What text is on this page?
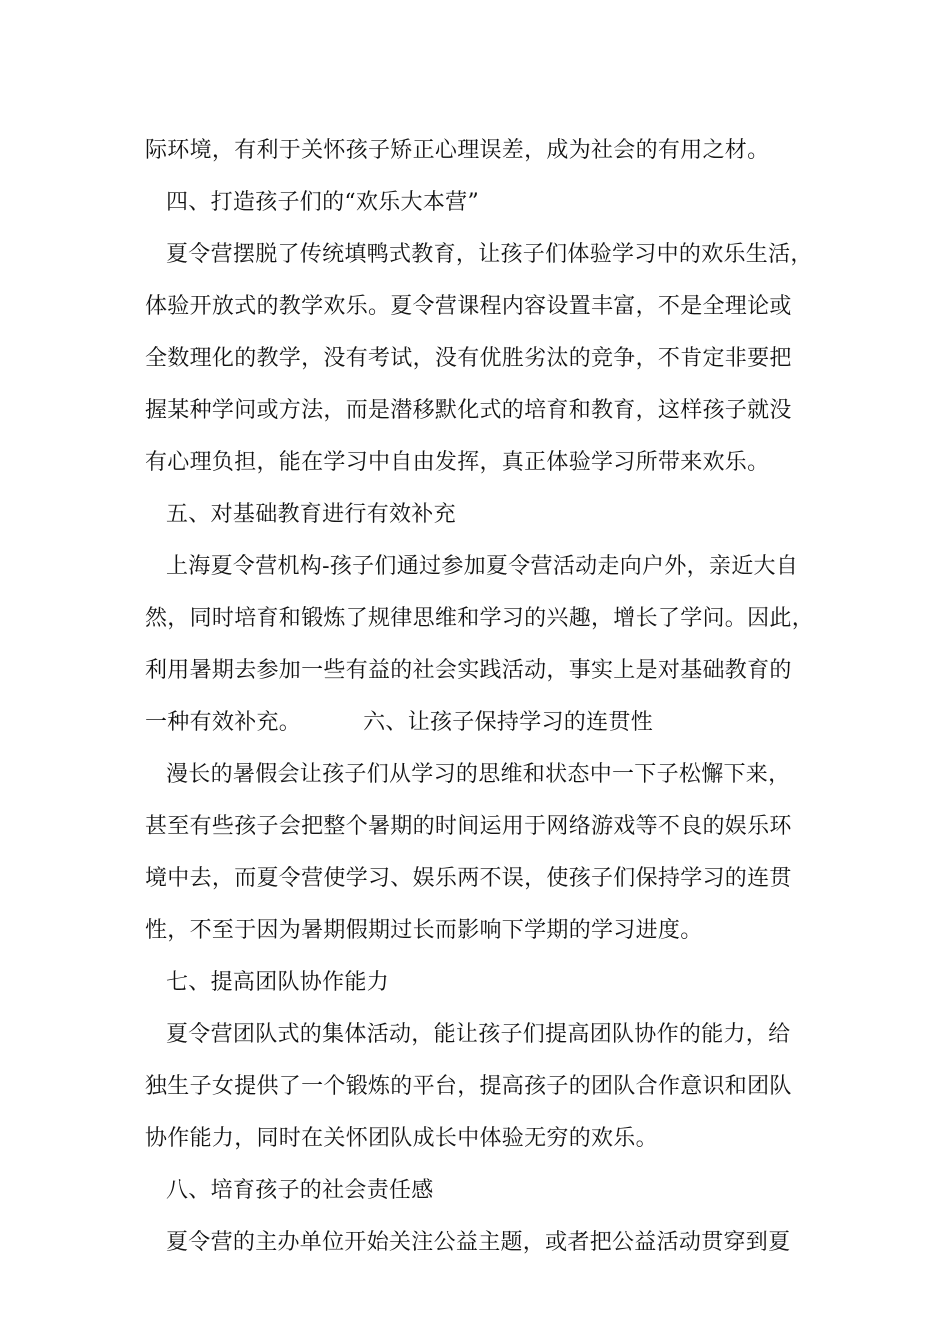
际环境，有利于关怀孩子矫正心理误差，成为社会的有用之材。
四、打造孩子们的“欢乐大本营”
夏令营摆脱了传统填鸭式教育，让孩子们体验学习中的欢乐生活，
体验开放式的教学欢乐。夏令营课程内容设置丰富，不是全理论或
全数理化的教学，没有考试，没有优胜劣汰的竞争，不肯定非要把
握某种学问或方法，而是潜移默化式的培育和教育，这样孩子就没
有心理负担，能在学习中自由发挥，真正体验学习所带来欢乐。
五、对基础教育进行有效补充
上海夏令营机构-孩子们通过参加夏令营活动走向户外，亲近大自
然，同时培育和锻炼了规律思维和学习的兴趣，增长了学问。因此，
利用暑期去参加一些有益的社会实践活动，事实上是对基础教育的
一种有效补充。	六、让孩子保持学习的连贯性
漫长的暑假会让孩子们从学习的思维和状态中一下子松懈下来，
甚至有些孩子会把整个暑期的时间运用于网络游戏等不良的娱乐环
境中去，而夏令营使学习、娱乐两不误，使孩子们保持学习的连贯
性，不至于因为暑期假期过长而影响下学期的学习进度。
七、提高团队协作能力
夏令营团队式的集体活动，能让孩子们提高团队协作的能力，给
独生子女提供了一个锻炼的平台，提高孩子的团队合作意识和团队
协作能力，同时在关怀团队成长中体验无穷的欢乐。
八、培育孩子的社会责任感
夏令营的主办单位开始关注公益主题，或者把公益活动贯穿到夏
